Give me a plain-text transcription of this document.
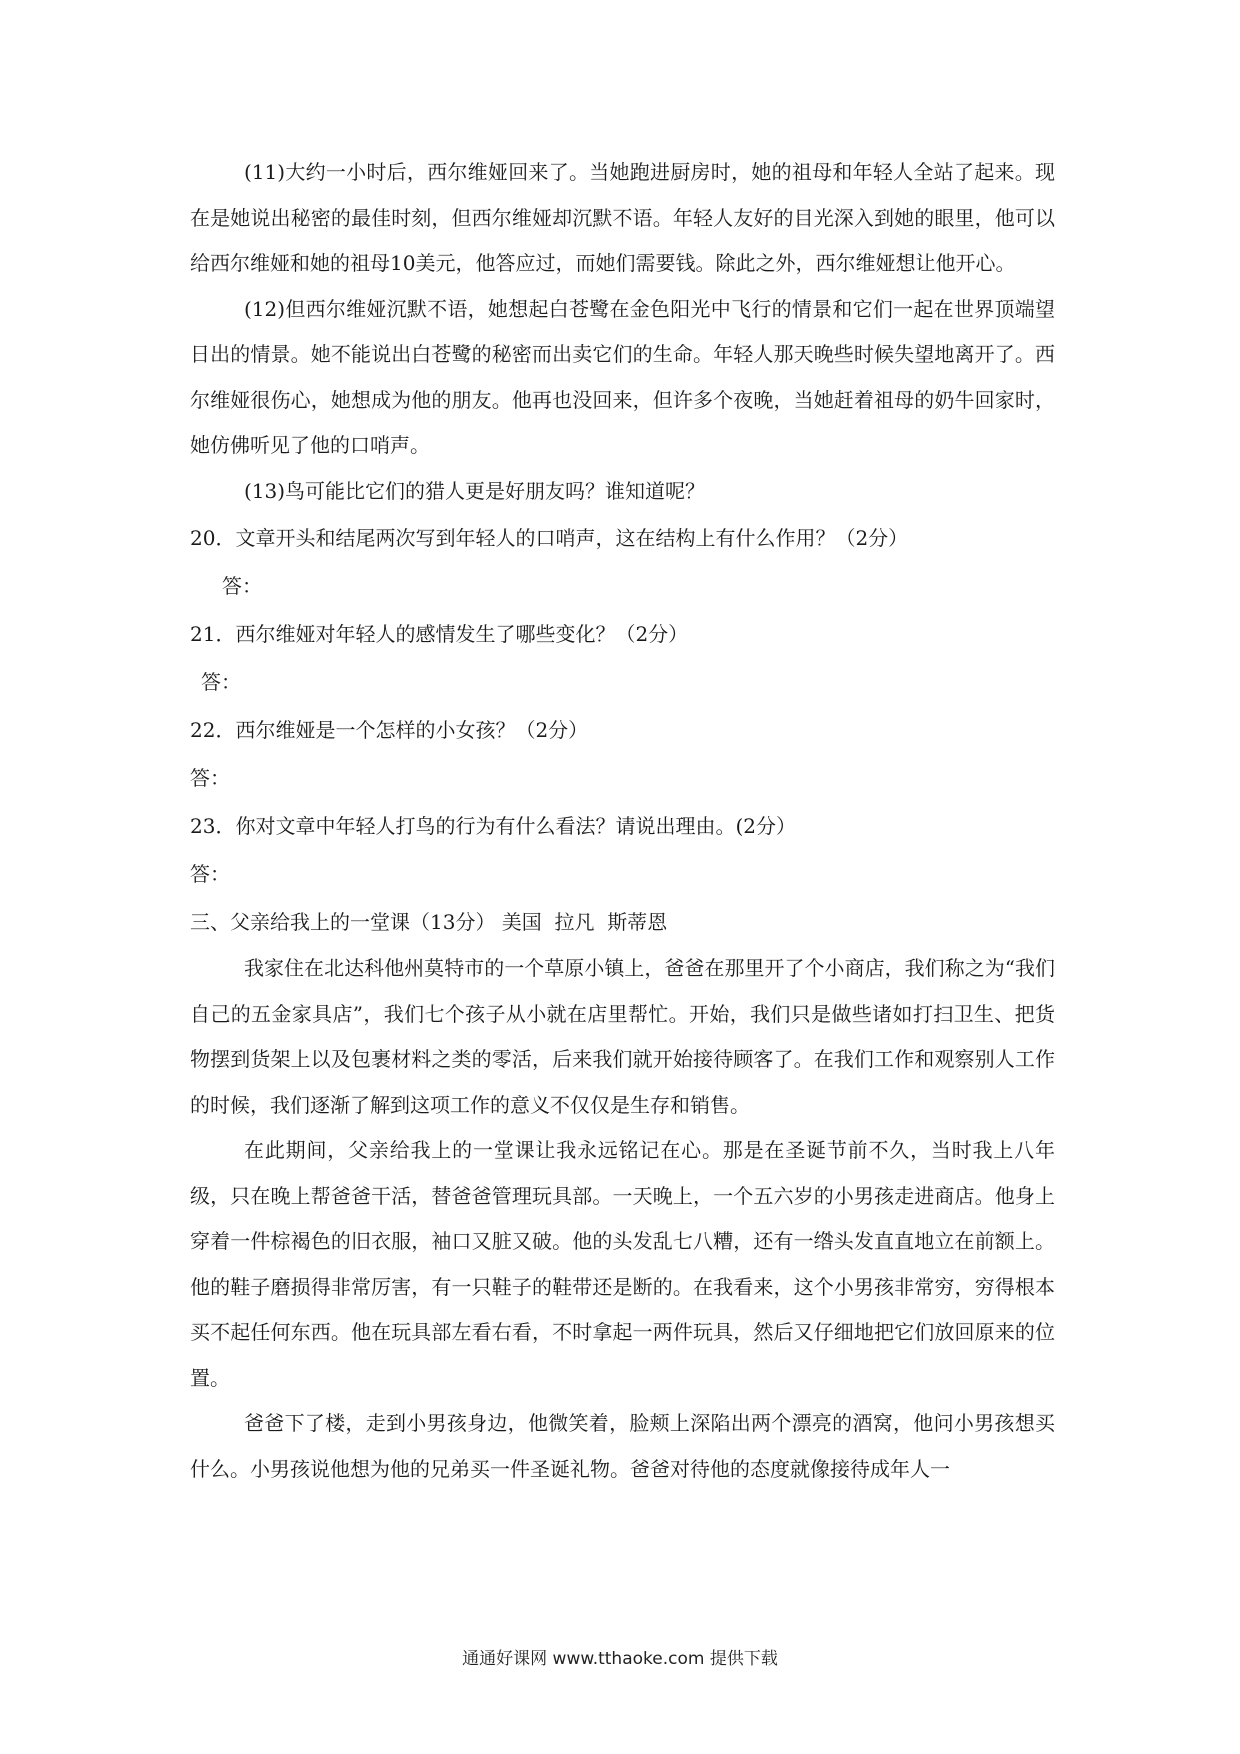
(11)大约一小时后，西尔维娅回来了。当她跑进厨房时，她的祖母和年轻人全站了起来。现在是她说出秘密的最佳时刻，但西尔维娅却沉默不语。年轻人友好的目光深入到她的眼里，他可以给西尔维娅和她的祖母10美元，他答应过，而她们需要钱。除此之外，西尔维娅想让他开心。

(12)但西尔维娅沉默不语，她想起白苍鹭在金色阳光中飞行的情景和它们一起在世界顶端望日出的情景。她不能说出白苍鹭的秘密而出卖它们的生命。年轻人那天晚些时候失望地离开了。西尔维娅很伤心，她想成为他的朋友。他再也没回来，但许多个夜晚，当她赶着祖母的奶牛回家时，她仿佛听见了他的口哨声。

(13)鸟可能比它们的猎人更是好朋友吗？谁知道呢？

20．文章开头和结尾两次写到年轻人的口哨声，这在结构上有什么作用？（2分）

答：

21．西尔维娅对年轻人的感情发生了哪些变化？（2分）

答：

22．西尔维娅是一个怎样的小女孩？（2分）

答：

23．你对文章中年轻人打鸟的行为有什么看法？请说出理由。(2分）

答：

三、父亲给我上的一堂课（13分） 美国  拉凡  斯蒂恩

我家住在北达科他州莫特市的一个草原小镇上，爸爸在那里开了个小商店，我们称之为“我们自己的五金家具店”，我们七个孩子从小就在店里帮忙。开始，我们只是做些诸如打扫卫生、把货物摆到货架上以及包裹材料之类的零活，后来我们就开始接待顾客了。在我们工作和观察别人工作的时候，我们逐渐了解到这项工作的意义不仅仅是生存和销售。

在此期间，父亲给我上的一堂课让我永远铭记在心。那是在圣诞节前不久，当时我上八年级，只在晚上帮爸爸干活，替爸爸管理玩具部。一天晚上，一个五六岁的小男孩走进商店。他身上穿着一件棕褐色的旧衣服，袖口又脏又破。他的头发乱七八糟，还有一绺头发直直地立在前额上。他的鞋子磨损得非常厉害，有一只鞋子的鞋带还是断的。在我看来，这个小男孩非常穷，穷得根本买不起任何东西。他在玩具部左看右看，不时拿起一两件玩具，然后又仔细地把它们放回原来的位置。

爸爸下了楼，走到小男孩身边，他微笑着，脸颊上深陷出两个漂亮的酒窝，他问小男孩想买什么。小男孩说他想为他的兄弟买一件圣诞礼物。爸爸对待他的态度就像接待成年人一

通通好课网 www.tthaoke.com 提供下载
